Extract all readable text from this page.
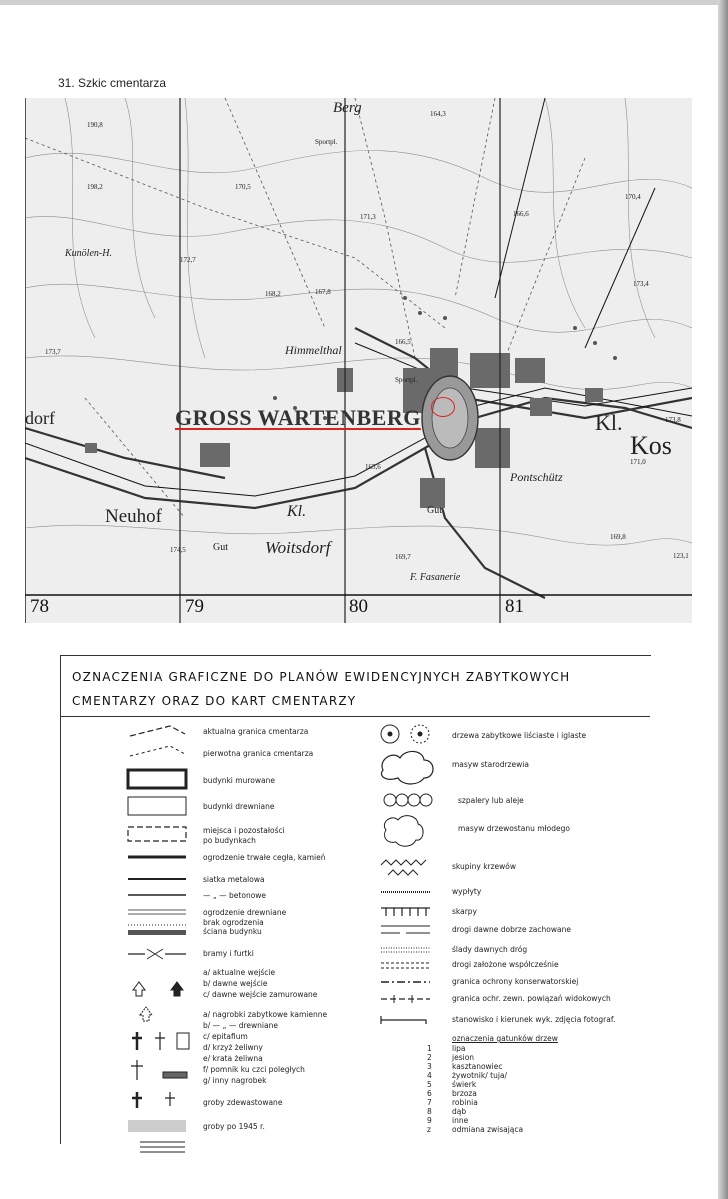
31. Szkic cmentarza
Berg
Kunölen-H.
Himmelthal
dorf
Neuhof	Kl.
Woitsdorf
Kl.
Kos
Pontschütz
F. Fasanerie
Gut
Gut
Sportpl.
Sportpl.
190,8
170,5
164,3
198,2
173,7
166,6
167,8
172,7
168,2
171,3
170,4
171,0
173,8
165,6
166,5
173,4
169,8
169,7
174,5
123,1
GROSS WARTENBERG
78	79	80	81
OZNACZENIA GRAFICZNE DO PLANÓW EWIDENCYJNYCH ZABYTKOWYCH
CMENTARZY ORAZ DO KART CMENTARZY
aktualna granica cmentarza
pierwotna granica cmentarza
budynki murowane
budynki drewniane
miejsca i pozostałości
po budynkach
ogrodzenie trwałe cegła, kamień
siatka metalowa
— „ — betonowe
ogrodzenie drewniane
brak ogrodzenia
ściana budynku
bramy i furtki
a/ aktualne wejście
b/ dawne wejście
c/ dawne wejście zamurowane
a/ nagrobki zabytkowe kamienne
b/ — „ — drewniane
c/ epitafium
d/ krzyż żeliwny
e/ krata żeliwna
f/ pomnik ku czci poległych
g/ inny nagrobek
groby zdewastowane
groby po 1945 r.
drzewa zabytkowe liściaste i iglaste
masyw starodrzewia
szpalery lub aleje
masyw drzewostanu młodego
skupiny krzewów
wypłyty
skarpy
drogi dawne dobrze zachowane
ślady dawnych dróg
drogi założone współcześnie
granica ochrony konserwatorskiej
granica ochr. zewn. powiązań widokowych
stanowisko i kierunek wyk. zdjęcia fotograf.
oznaczenia gatunków drzew
1	lipa
2	jesion
3	kasztanowiec
4	żywotnik/ tuja/
5	świerk
6	brzoza
7	robinia
8	dąb
9	inne
z	odmiana zwisająca
